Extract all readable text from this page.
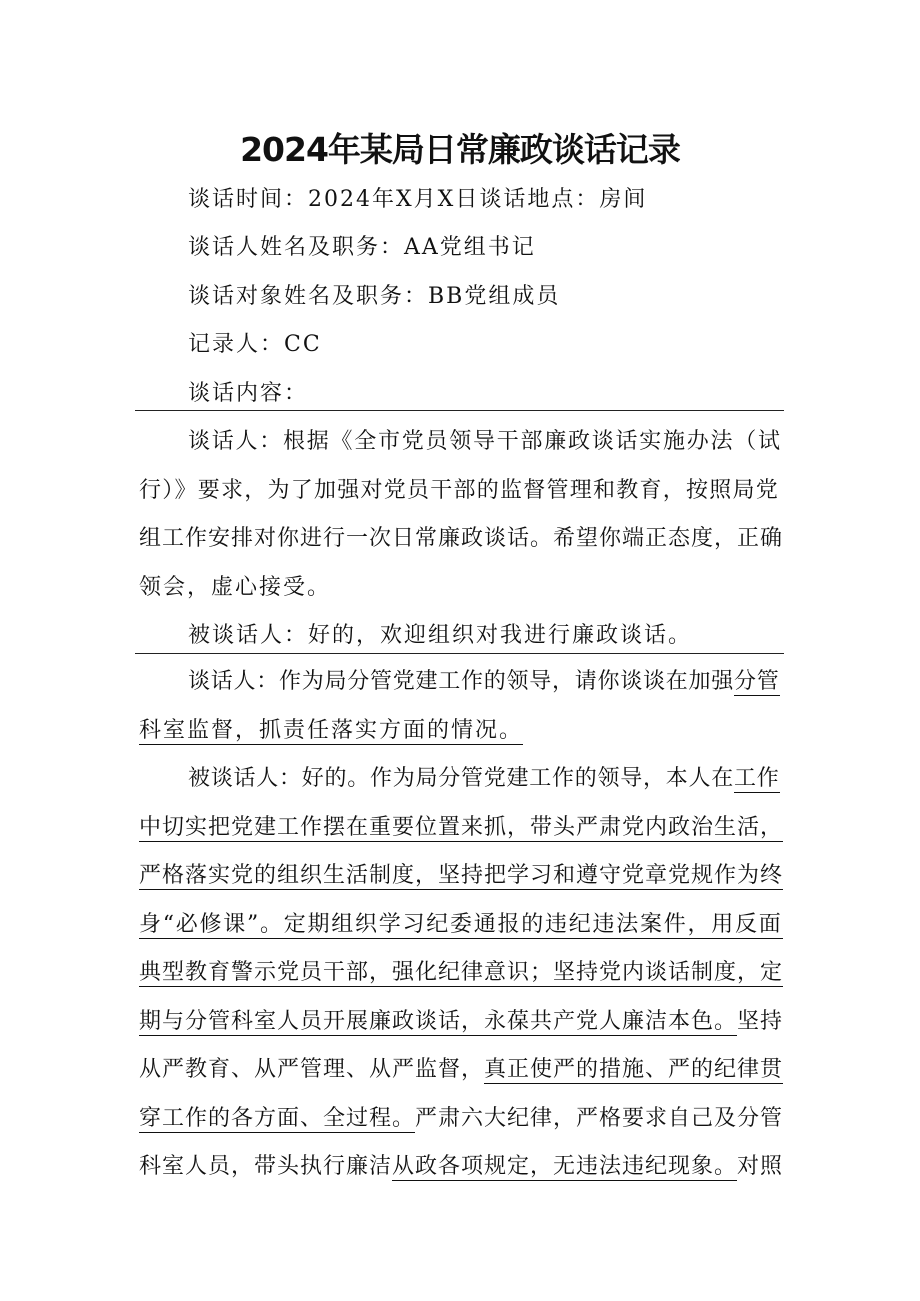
2024年某局日常廉政谈话记录
谈话时间：2024年X月X日谈话地点：房间
谈话人姓名及职务：AA党组书记
谈话对象姓名及职务：BB党组成员
记录人：CC
谈话内容：
谈话人：根据《全市党员领导干部廉政谈话实施办法（试
行）》要求，为了加强对党员干部的监督管理和教育，按照局党
组工作安排对你进行一次日常廉政谈话。希望你端正态度，正确
领会，虚心接受。
被谈话人：好的，欢迎组织对我进行廉政谈话。
谈话人：作为局分管党建工作的领导，请你谈谈在加强分管
科室监督，抓责任落实方面的情况。
被谈话人：好的。作为局分管党建工作的领导，本人在工作
中切实把党建工作摆在重要位置来抓，带头严肃党内政治生活，
严格落实党的组织生活制度，坚持把学习和遵守党章党规作为终
身“必修课”。定期组织学习纪委通报的违纪违法案件，用反面
典型教育警示党员干部，强化纪律意识；坚持党内谈话制度，定
期与分管科室人员开展廉政谈话，永葆共产党人廉洁本色。坚持
从严教育、从严管理、从严监督，真正使严的措施、严的纪律贯
穿工作的各方面、全过程。严肃六大纪律，严格要求自己及分管
科室人员，带头执行廉洁从政各项规定，无违法违纪现象。对照
